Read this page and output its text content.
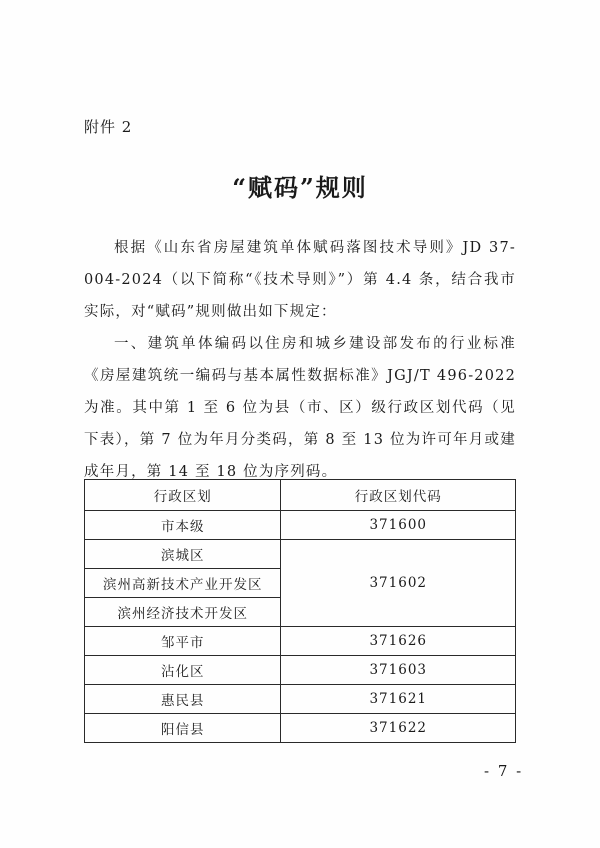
附件 2
“赋码”规则

根据《山东省房屋建筑单体赋码落图技术导则》JD 37-004-2024（以下简称“《技术导则》”）第 4.4 条，结合我市实际，对“赋码”规则做出如下规定：

一、建筑单体编码以住房和城乡建设部发布的行业标准《房屋建筑统一编码与基本属性数据标准》JGJ/T 496-2022 为准。其中第 1 至 6 位为县（市、区）级行政区划代码（见下表），第 7 位为年月分类码，第 8 至 13 位为许可年月或建成年月，第 14 至 18 位为序列码。

行政区划	行政区划代码
市本级	371600
滨城区	371602
滨州高新技术产业开发区	
滨州经济技术开发区	
邹平市	371626
沾化区	371603
惠民县	371621
阳信县	371622
- 7 -
